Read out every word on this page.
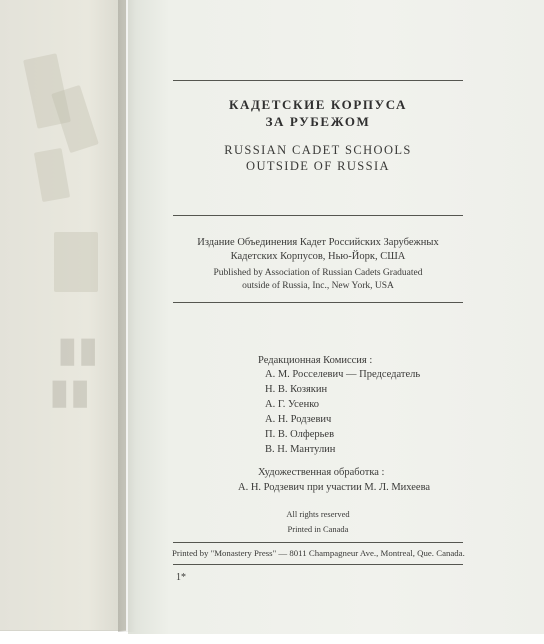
▮▮
▮▮
КАДЕТСКИЕ КОРПУСА
ЗА РУБЕЖОМ
RUSSIAN CADET SCHOOLS
OUTSIDE OF RUSSIA
Издание Объединения Кадет Российских Зарубежных
Кадетских Корпусов, Нью-Йорк, США
Published by Association of Russian Cadets Graduated
outside of Russia, Inc., New York, USA
Редакционная Комиссия :
А. М. Росселевич — Председатель
Н. В. Козякин
А. Г. Усенко
А. Н. Родзевич
П. В. Олферьев
В. Н. Мантулин
Художественная обработка :
А. Н. Родзевич при участии М. Л. Михеева
All rights reserved
Printed in Canada
Printed by "Monastery Press" — 8011 Champagneur Ave., Montreal, Que. Canada.
1*
